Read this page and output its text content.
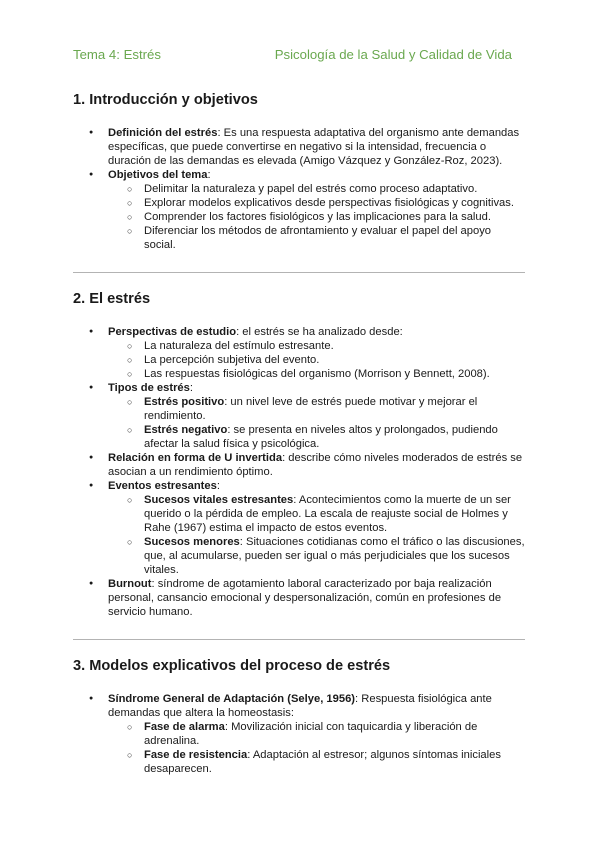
Tema 4: Estrés	Psicología de la Salud y Calidad de Vida
1. Introducción y objetivos
● Definición del estrés: Es una respuesta adaptativa del organismo ante demandas específicas, que puede convertirse en negativo si la intensidad, frecuencia o duración de las demandas es elevada (Amigo Vázquez y González-Roz, 2023).
● Objetivos del tema:
○ Delimitar la naturaleza y papel del estrés como proceso adaptativo.
○ Explorar modelos explicativos desde perspectivas fisiológicas y cognitivas.
○ Comprender los factores fisiológicos y las implicaciones para la salud.
○ Diferenciar los métodos de afrontamiento y evaluar el papel del apoyo social.
2. El estrés
● Perspectivas de estudio: el estrés se ha analizado desde:
○ La naturaleza del estímulo estresante.
○ La percepción subjetiva del evento.
○ Las respuestas fisiológicas del organismo (Morrison y Bennett, 2008).
● Tipos de estrés:
○ Estrés positivo: un nivel leve de estrés puede motivar y mejorar el rendimiento.
○ Estrés negativo: se presenta en niveles altos y prolongados, pudiendo afectar la salud física y psicológica.
● Relación en forma de U invertida: describe cómo niveles moderados de estrés se asocian a un rendimiento óptimo.
● Eventos estresantes:
○ Sucesos vitales estresantes: Acontecimientos como la muerte de un ser querido o la pérdida de empleo. La escala de reajuste social de Holmes y Rahe (1967) estima el impacto de estos eventos.
○ Sucesos menores: Situaciones cotidianas como el tráfico o las discusiones, que, al acumularse, pueden ser igual o más perjudiciales que los sucesos vitales.
● Burnout: síndrome de agotamiento laboral caracterizado por baja realización personal, cansancio emocional y despersonalización, común en profesiones de servicio humano.
3. Modelos explicativos del proceso de estrés
● Síndrome General de Adaptación (Selye, 1956): Respuesta fisiológica ante demandas que altera la homeostasis:
○ Fase de alarma: Movilización inicial con taquicardia y liberación de adrenalina.
○ Fase de resistencia: Adaptación al estresor; algunos síntomas iniciales desaparecen.
